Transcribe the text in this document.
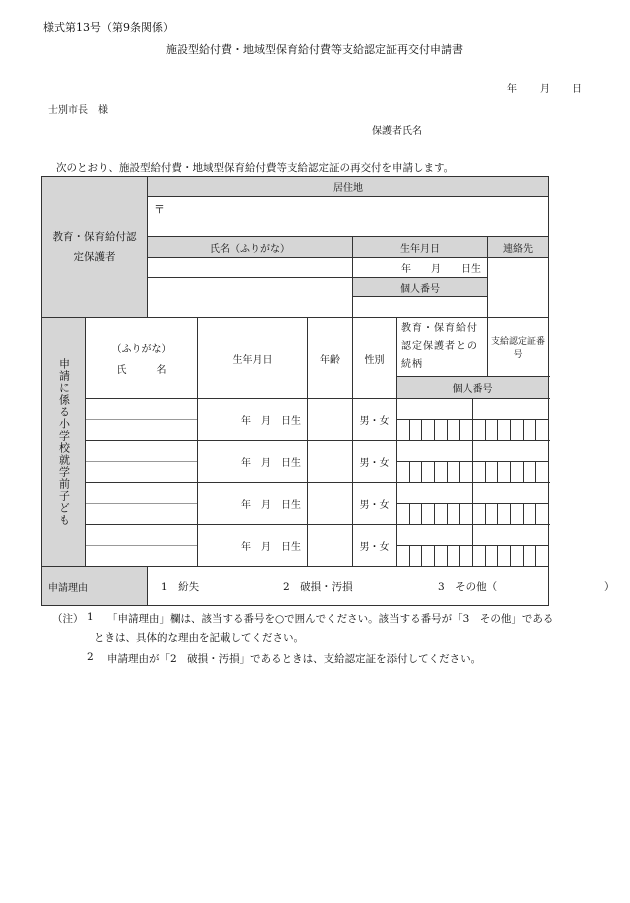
様式第13号（第9条関係）
施設型給付費・地域型保育給付費等支給認定証再交付申請書
年 月 日
士別市長　様
保護者氏名
次のとおり、施設型給付費・地域型保育給付費等支給認定証の再交付を申請します。
教育・保育給付認定保護者		居住地					
		〒					
		氏名（ふりがな）			生年月日		連絡先
					年　　月　　日生		
					個人番号		

申請に係る小学校就学前子ども	（ふりがな）
氏　　　名		生年月日	年齢	性別	教育・保育給付認定保護者との続柄	支給認定証番号
						個人番号	

			年　月　日生		男・女		

			年　月　日生		男・女		

			年　月　日生		男・女		

			年　月　日生		男・女		

申請理由		1　紛失 2　破損・汚損 3　その他（ ）					
（注） 1 「申請理由」欄は、該当する番号を○で囲んでください。該当する番号が「3　その他」である
ときは、具体的な理由を記載してください。
2 申請理由が「2　破損・汚損」であるときは、支給認定証を添付してください。
